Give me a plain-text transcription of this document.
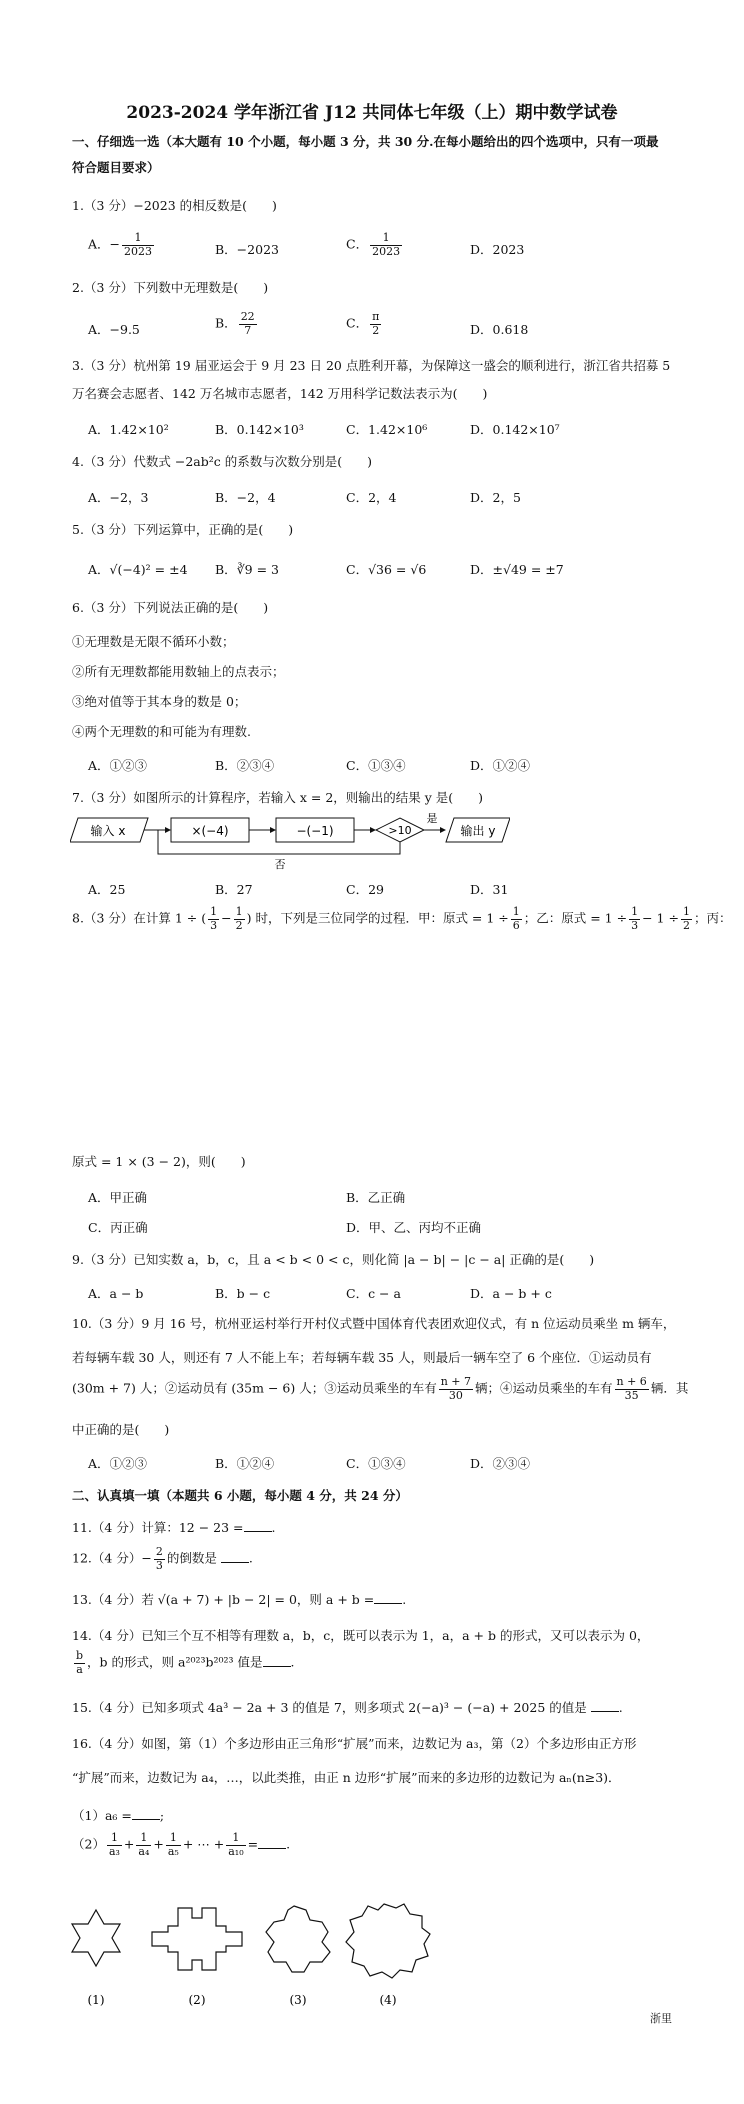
2023-2024 学年浙江省 J12 共同体七年级（上）期中数学试卷
一、仔细选一选（本大题有 10 个小题，每小题 3 分，共 30 分.在每小题给出的四个选项中，只有一项最
符合题目要求）
1.（3 分）−2023 的相反数是(　　)
A．− $\frac{1}{2023}$	B．−2023	C． $\frac{1}{2023}$	D．2023
2.（3 分）下列数中无理数是(　　)
A．−9.5	B． $\frac{22}{7}$	C． $\frac{\pi}{2}$	D．0.618
3.（3 分）杭州第 19 届亚运会于 9 月 23 日 20 点胜利开幕，为保障这一盛会的顺利进行，浙江省共招募 5
万名赛会志愿者、142 万名城市志愿者，142 万用科学记数法表示为(　　)
A．1.42×10²	B．0.142×10³	C．1.42×10⁶	D．0.142×10⁷
4.（3 分）代数式 −2ab²c 的系数与次数分别是(　　)
A．−2，3	B．−2，4	C．2，4	D．2，5
5.（3 分）下列运算中，正确的是(　　)
A．√(−4)² = ±4 B．∛9 = 3	C．√36 = √6	D．±√49 = ±7
6.（3 分）下列说法正确的是(　　)
①无理数是无限不循环小数；
②所有无理数都能用数轴上的点表示；
③绝对值等于其本身的数是 0；
④两个无理数的和可能为有理数.
A．①②③	B．②③④	C．①③④	D．①②④
7.（3 分）如图所示的计算程序，若输入 x = 2，则输出的结果 y 是(　　)
输入 x	×(−4)	−(−1)	>10
是
输出 y
否
A．25	B．27	C．29	D．31
8.（3 分）在计算 1 ÷ ( $\frac{1}{3} - \frac{1}{2}$ ) 时，下列是三位同学的过程．甲：原式 = $1 \div \frac{1}{6}$ ；乙：原式 = $1 \div \frac{1}{3} - 1 \div \frac{1}{2}$ ；丙：
原式 = 1 × (3 − 2)，则(　　)
A．甲正确	B．乙正确
C．丙正确	D．甲、乙、丙均不正确
9.（3 分）已知实数 a，b，c，且 a < b < 0 < c，则化简 |a − b| − |c − a| 正确的是(　　)
A．a − b	B．b − c	C．c − a	D．a − b + c
10.（3 分）9 月 16 号，杭州亚运村举行开村仪式暨中国体育代表团欢迎仪式，有 n 位运动员乘坐 m 辆车，
若每辆车载 30 人，则还有 7 人不能上车；若每辆车载 35 人，则最后一辆车空了 6 个座位．①运动员有
(30m + 7) 人；②运动员有 (35m − 6) 人；③运动员乘坐的车有 $\frac{n + 7}{30}$ 辆；④运动员乘坐的车有 $\frac{n + 6}{35}$ 辆．其
中正确的是(　　)
A．①②③	B．①②④	C．①③④	D．②③④
二、认真填一填（本题共 6 小题，每小题 4 分，共 24 分）
11.（4 分）计算：12 − 23 = .
12.（4 分）− $\frac{2}{3}$ 的倒数是	.
13.（4 分）若 √(a + 7) + |b − 2| = 0，则 a + b = .
14.（4 分）已知三个互不相等有理数 a，b，c，既可以表示为 1，a，a + b 的形式，又可以表示为 0，
$\frac{b}{a}$ ，b 的形式，则 a²⁰²³b²⁰²³ 值是 .
15.（4 分）已知多项式 4a³ − 2a + 3 的值是 7，则多项式 2(−a)³ − (−a) + 2025 的值是	.
16.（4 分）如图，第（1）个多边形由正三角形“扩展”而来，边数记为 a₃，第（2）个多边形由正方形
“扩展”而来，边数记为 a₄，…，以此类推，由正 n 边形“扩展”而来的多边形的边数记为 aₙ(n≥3)．
（1）a₆ = ;
$(2) \frac{1}{\text{a₃}} + \frac{1}{\text{a₄}} + \frac{1}{\text{a₅}}$ + ⋯ + $\frac{1}{\text{a₁₀}}$ = .
(1)	(2)	(3)	(4)
浙里
